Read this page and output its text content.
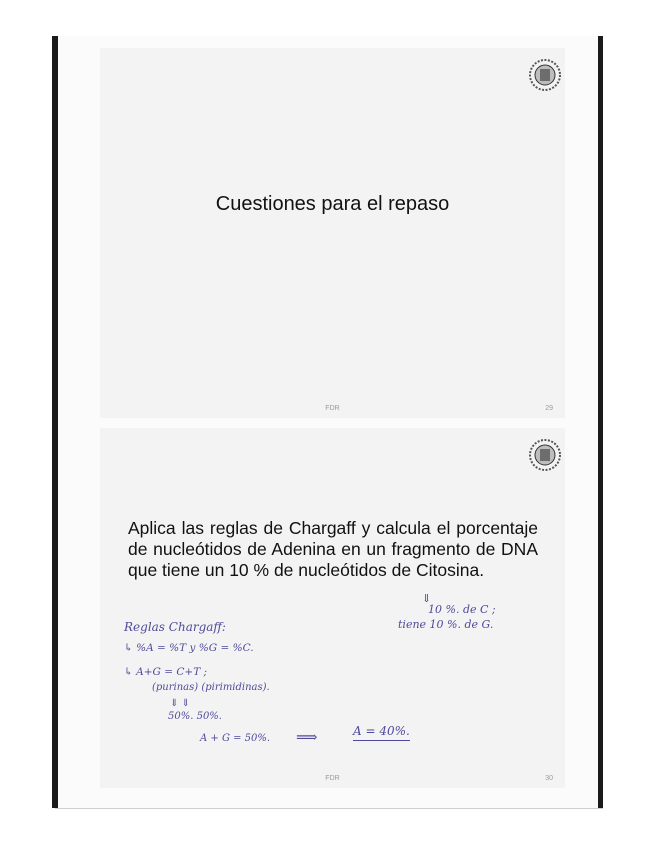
Cuestiones para el repaso
FDR	29
Aplica las reglas de Chargaff y calcula el porcentaje de nucleótidos de Adenina en un fragmento de DNA que tiene un 10 % de nucleótidos de Citosina.
⇓
10 %. de C ;
tiene 10 %. de G.
Reglas Chargaff:
↳ %A = %T y %G = %C.
↳ A+G = C+T ;
(purinas) (pirimidinas).
⇓ ⇓
50%. 50%.
A + G = 50%. ⟹	A = 40%.
FDR	30
